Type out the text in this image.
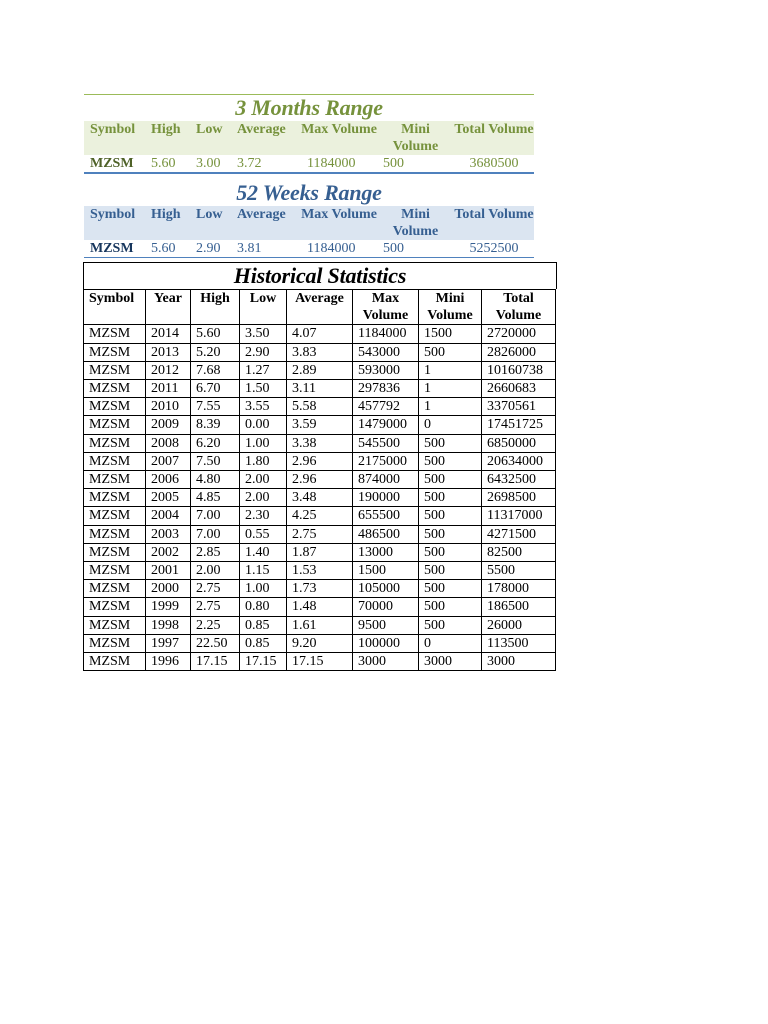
3 Months Range
Symbol	High	Low	Average	Max Volume	Mini Volume	Total Volume
MZSM	5.60	3.00	3.72	1184000	500	3680500
52 Weeks Range
Symbol	High	Low	Average	Max Volume	Mini Volume	Total Volume
MZSM	5.60	2.90	3.81	1184000	500	5252500
Historical Statistics
Symbol	Year	High	Low	Average	Max Volume	Mini Volume	Total Volume
MZSM	2014	5.60	3.50	4.07	1184000	1500	2720000
MZSM	2013	5.20	2.90	3.83	543000	500	2826000
MZSM	2012	7.68	1.27	2.89	593000	1	10160738
MZSM	2011	6.70	1.50	3.11	297836	1	2660683
MZSM	2010	7.55	3.55	5.58	457792	1	3370561
MZSM	2009	8.39	0.00	3.59	1479000	0	17451725
MZSM	2008	6.20	1.00	3.38	545500	500	6850000
MZSM	2007	7.50	1.80	2.96	2175000	500	20634000
MZSM	2006	4.80	2.00	2.96	874000	500	6432500
MZSM	2005	4.85	2.00	3.48	190000	500	2698500
MZSM	2004	7.00	2.30	4.25	655500	500	11317000
MZSM	2003	7.00	0.55	2.75	486500	500	4271500
MZSM	2002	2.85	1.40	1.87	13000	500	82500
MZSM	2001	2.00	1.15	1.53	1500	500	5500
MZSM	2000	2.75	1.00	1.73	105000	500	178000
MZSM	1999	2.75	0.80	1.48	70000	500	186500
MZSM	1998	2.25	0.85	1.61	9500	500	26000
MZSM	1997	22.50	0.85	9.20	100000	0	113500
MZSM	1996	17.15	17.15	17.15	3000	3000	3000
